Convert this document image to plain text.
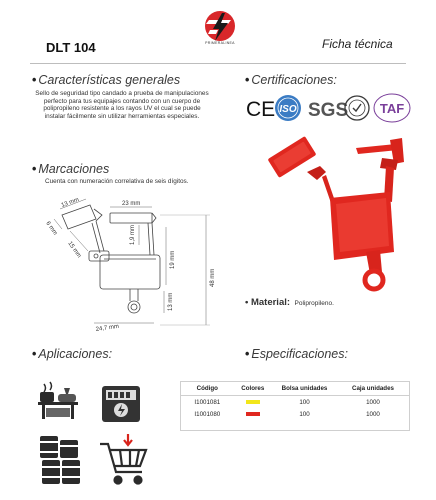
PRIMERALINEA
DLT 104	Ficha técnica
• Características generales
Sello de seguridad tipo candado a prueba de manipulaciones perfecto para tus equipajes contando con un cuerpo de polipropileno resistente a los rayos UV el cual se puede instalar fácilmente sin utilizar herramientas especiales.
• Certificaciones:
CE ISO SGS TAF
• Marcaciones
Cuenta con numeración correlativa de seis dígitos.
13 mm	23 mm
6 mm	1,9 mm
15 mm
19 mm
13 mm
48 mm
24,7 mm
• Material: Polipropileno.
• Aplicaciones:	• Especificaciones:
Código	Colores	Bolsa unidades	Caja unidades
I1001081		100	1000
I1001080		100	1000
